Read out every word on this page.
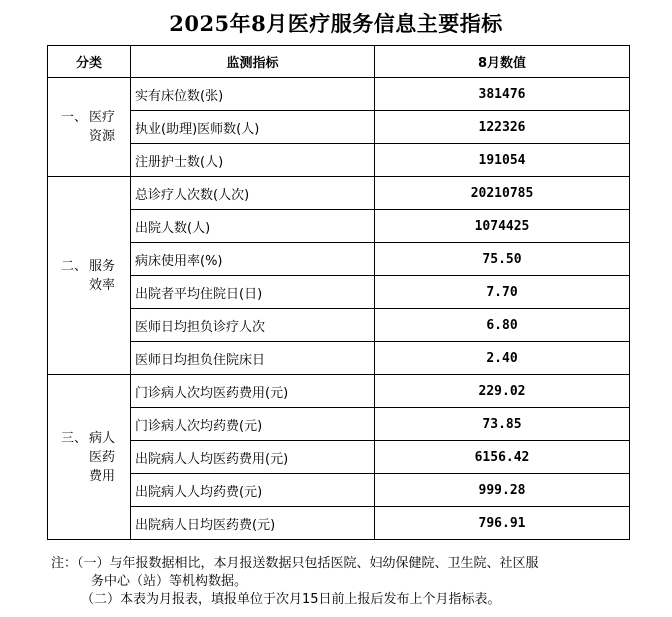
2025年8月医疗服务信息主要指标
分类	监测指标	8月数值
一、 医疗资源	实有床位数(张)	381476
	执业(助理)医师数(人)	122326
	注册护士数(人)	191054
二、 服务效率	总诊疗人次数(人次)	20210785
	出院人数(人)	1074425
	病床使用率(%)	75.50
	出院者平均住院日(日)	7.70
	医师日均担负诊疗人次	6.80
	医师日均担负住院床日	2.40
三、 病人医药费用	门诊病人次均医药费用(元)	229.02
	门诊病人次均药费(元)	73.85
	出院病人人均医药费用(元)	6156.42
	出院病人人均药费(元)	999.28
	出院病人日均医药费(元)	796.91
注：（一）与年报数据相比，本月报送数据只包括医院、妇幼保健院、卫生院、社区服
务中心（站）等机构数据。
（二）本表为月报表，填报单位于次月15日前上报后发布上个月指标表。
